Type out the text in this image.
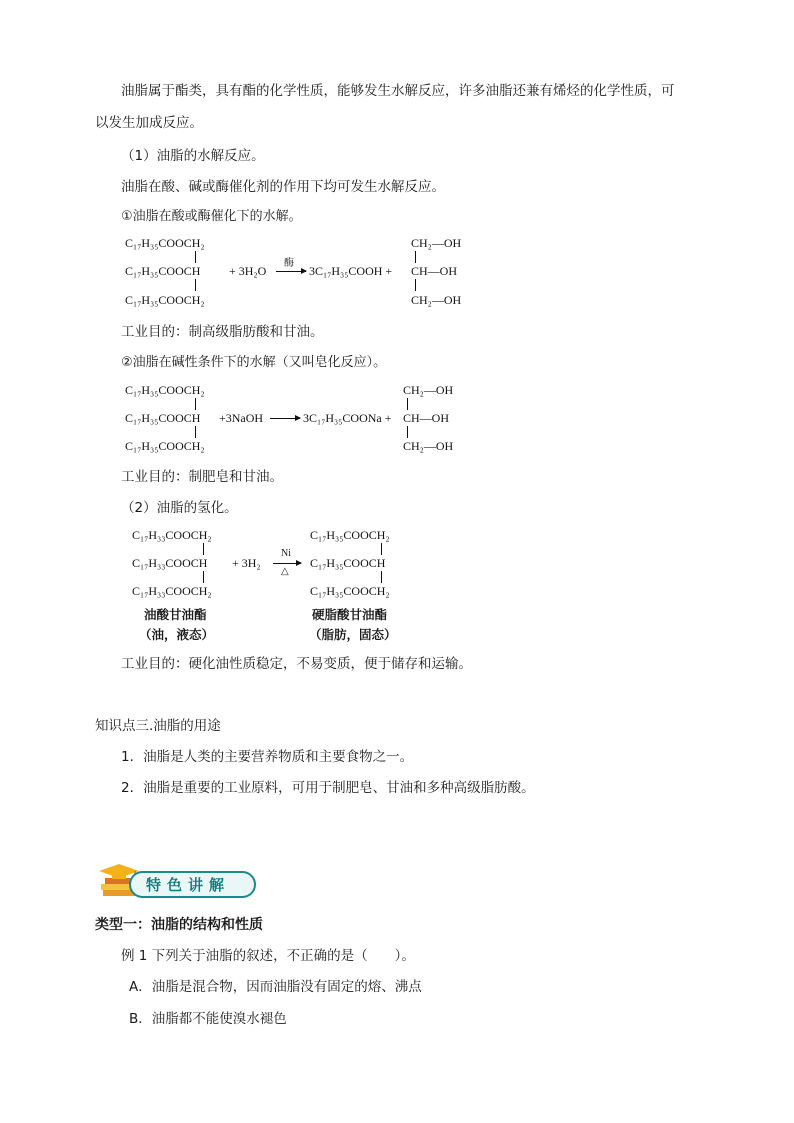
油脂属于酯类，具有酯的化学性质，能够发生水解反应，许多油脂还兼有烯烃的化学性质，可
以发生加成反应。
（1）油脂的水解反应。
油脂在酸、碱或酶催化剂的作用下均可发生水解反应。
①油脂在酸或酶催化下的水解。
C₁₇H₃₅COOCH₂
C₁₇H₃₅COOCH
C₁₇H₃₅COOCH₂
+ 3H₂O
酶
→ 3C₁₇H₃₅COOH +
CH₂—OH
CH—OH
CH₂—OH
工业目的：制高级脂肪酸和甘油。
②油脂在碱性条件下的水解（又叫皂化反应）。
C₁₇H₃₅COOCH₂
C₁₇H₃₅COOCH
C₁₇H₃₅COOCH₂
+3NaOH → 3C₁₇H₃₅COONa +
CH₂—OH
CH—OH
CH₂—OH
工业目的：制肥皂和甘油。
（2）油脂的氢化。
C₁₇H₃₃COOCH₂
C₁₇H₃₃COOCH
C₁₇H₃₃COOCH₂
+ 3H₂
Ni
△
C₁₇H₃₅COOCH₂
C₁₇H₃₅COOCH
C₁₇H₃₅COOCH₂
油酸甘油酯
（油，液态）
硬脂酸甘油酯
（脂肪，固态）
工业目的：硬化油性质稳定，不易变质，便于储存和运输。
知识点三.油脂的用途
1．油脂是人类的主要营养物质和主要食物之一。
2．油脂是重要的工业原料，可用于制肥皂、甘油和多种高级脂肪酸。
特色讲解
类型一：油脂的结构和性质
例 1 下列关于油脂的叙述，不正确的是（　　）。
A．油脂是混合物，因而油脂没有固定的熔、沸点
B．油脂都不能使溴水褪色
